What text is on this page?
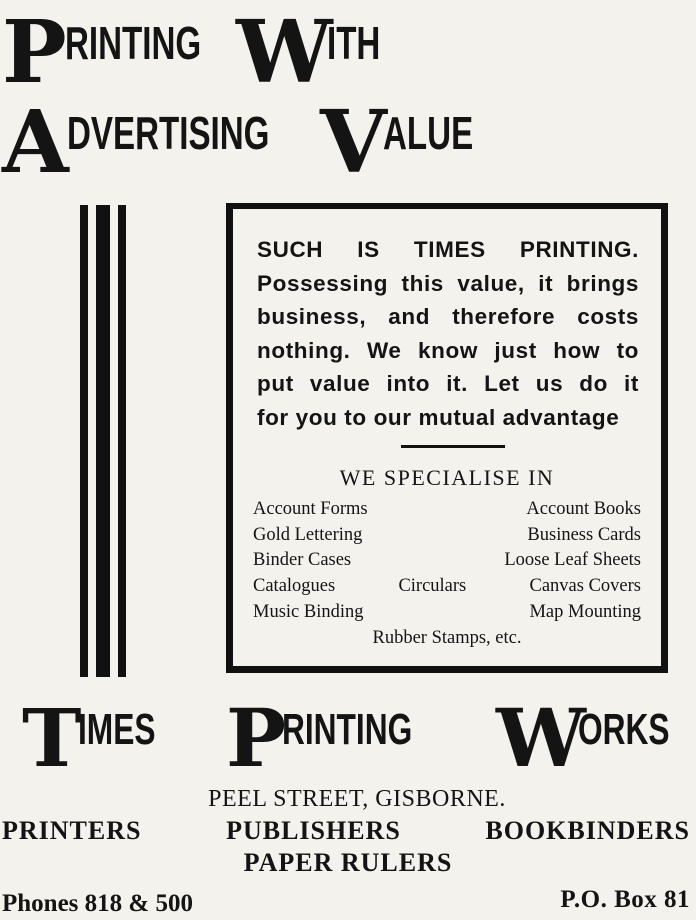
P
RINTING W
ITH
A
DVERTISING V
ALUE
SUCH IS TIMES PRINTING.
Possessing this value, it brings
business, and therefore costs
nothing. We know just how to
put value into it. Let us do it
for you to our mutual advantage
WE SPECIALISE IN
Account Forms	Account Books
Gold Lettering	Business Cards
Binder Cases	Loose Leaf Sheets
Catalogues	Circulars	Canvas Covers
Music Binding	Map Mounting
Rubber Stamps, etc.
T
IMES P
RINTING W
ORKS
PEEL STREET, GISBORNE.
PRINTERS	PUBLISHERS	BOOKBINDERS
PAPER RULERS
Phones 818 & 500	P.O. Box 81
